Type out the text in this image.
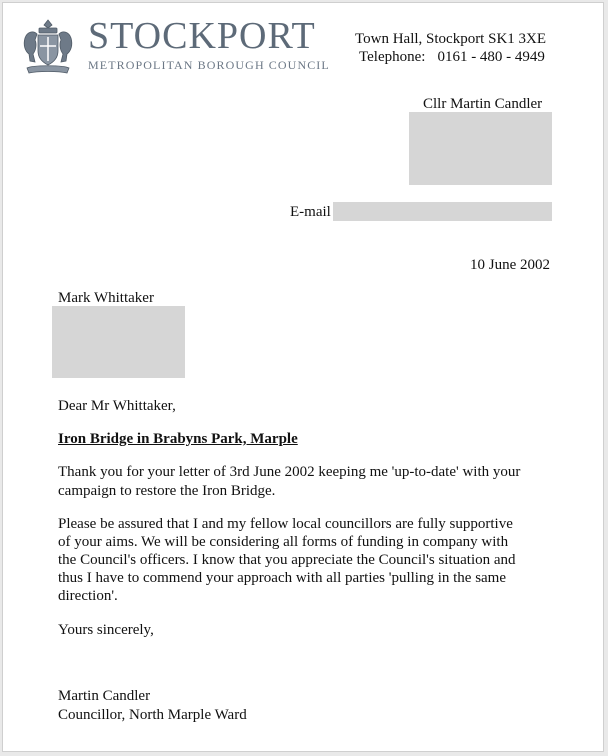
STOCKPORT
METROPOLITAN BOROUGH COUNCIL
Town Hall, Stockport SK1 3XE
Telephone: 0161 - 480 - 4949
Cllr Martin Candler
E-mail
10 June 2002
Mark Whittaker
Dear Mr Whittaker,
Iron Bridge in Brabyns Park, Marple
Thank you for your letter of 3rd June 2002 keeping me 'up-to-date' with your
campaign to restore the Iron Bridge.
Please be assured that I and my fellow local councillors are fully supportive
of your aims. We will be considering all forms of funding in company with
the Council's officers. I know that you appreciate the Council's situation and
thus I have to commend your approach with all parties 'pulling in the same
direction'.
Yours sincerely,
Martin Candler
Councillor, North Marple Ward
